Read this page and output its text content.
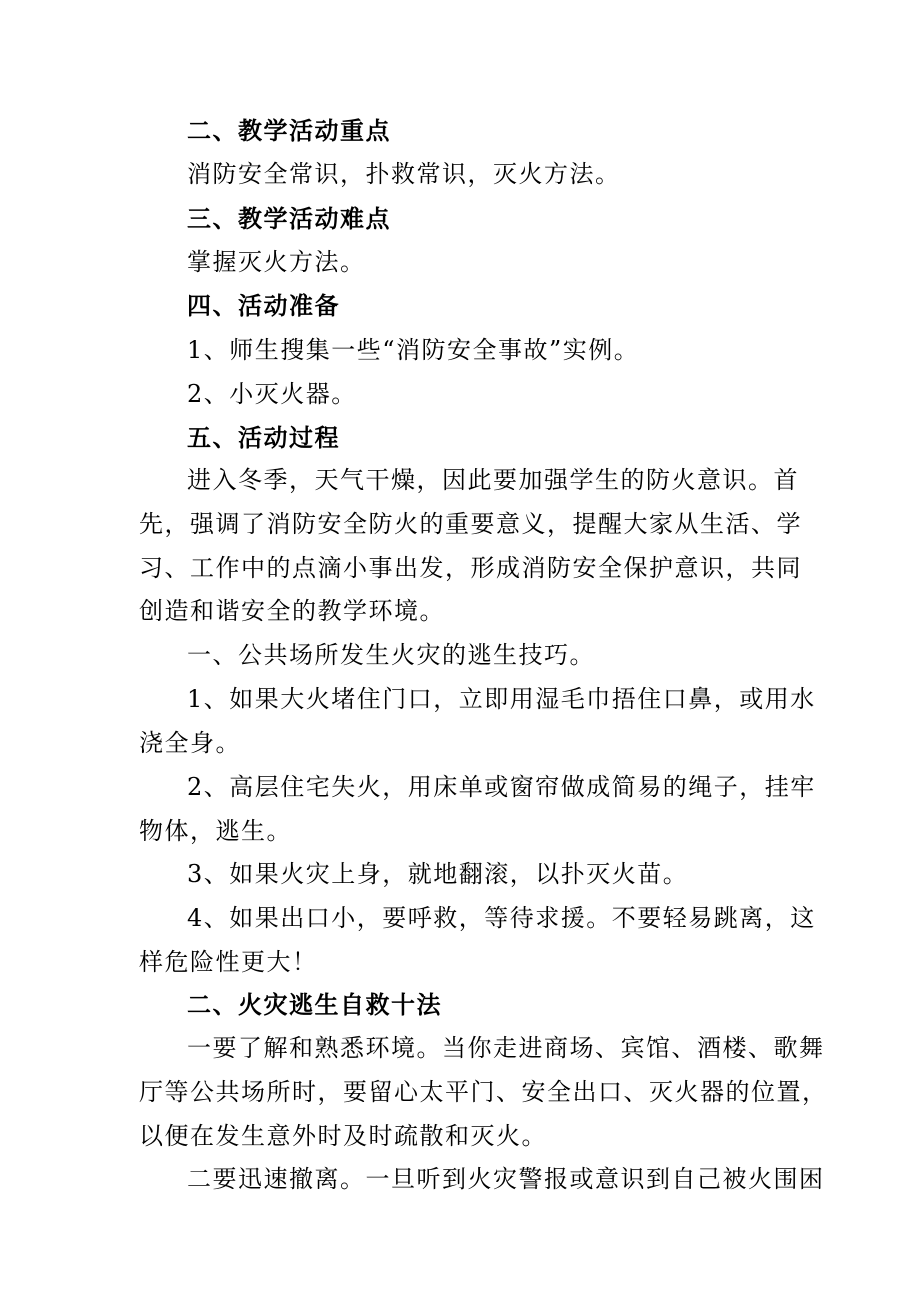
二、教学活动重点
消防安全常识，扑救常识，灭火方法。
三、教学活动难点
掌握灭火方法。
四、活动准备
1、师生搜集一些“消防安全事故”实例。
2、小灭火器。
五、活动过程
进入冬季，天气干燥，因此要加强学生的防火意识。首
先，强调了消防安全防火的重要意义，提醒大家从生活、学
习、工作中的点滴小事出发，形成消防安全保护意识，共同
创造和谐安全的教学环境。
一、公共场所发生火灾的逃生技巧。
1、如果大火堵住门口，立即用湿毛巾捂住口鼻，或用水
浇全身。
2、高层住宅失火，用床单或窗帘做成简易的绳子，挂牢
物体，逃生。
3、如果火灾上身，就地翻滚，以扑灭火苗。
4、如果出口小，要呼救，等待求援。不要轻易跳离，这
样危险性更大！
二、火灾逃生自救十法
一要了解和熟悉环境。当你走进商场、宾馆、酒楼、歌舞
厅等公共场所时，要留心太平门、安全出口、灭火器的位置，
以便在发生意外时及时疏散和灭火。
二要迅速撤离。一旦听到火灾警报或意识到自己被火围困
